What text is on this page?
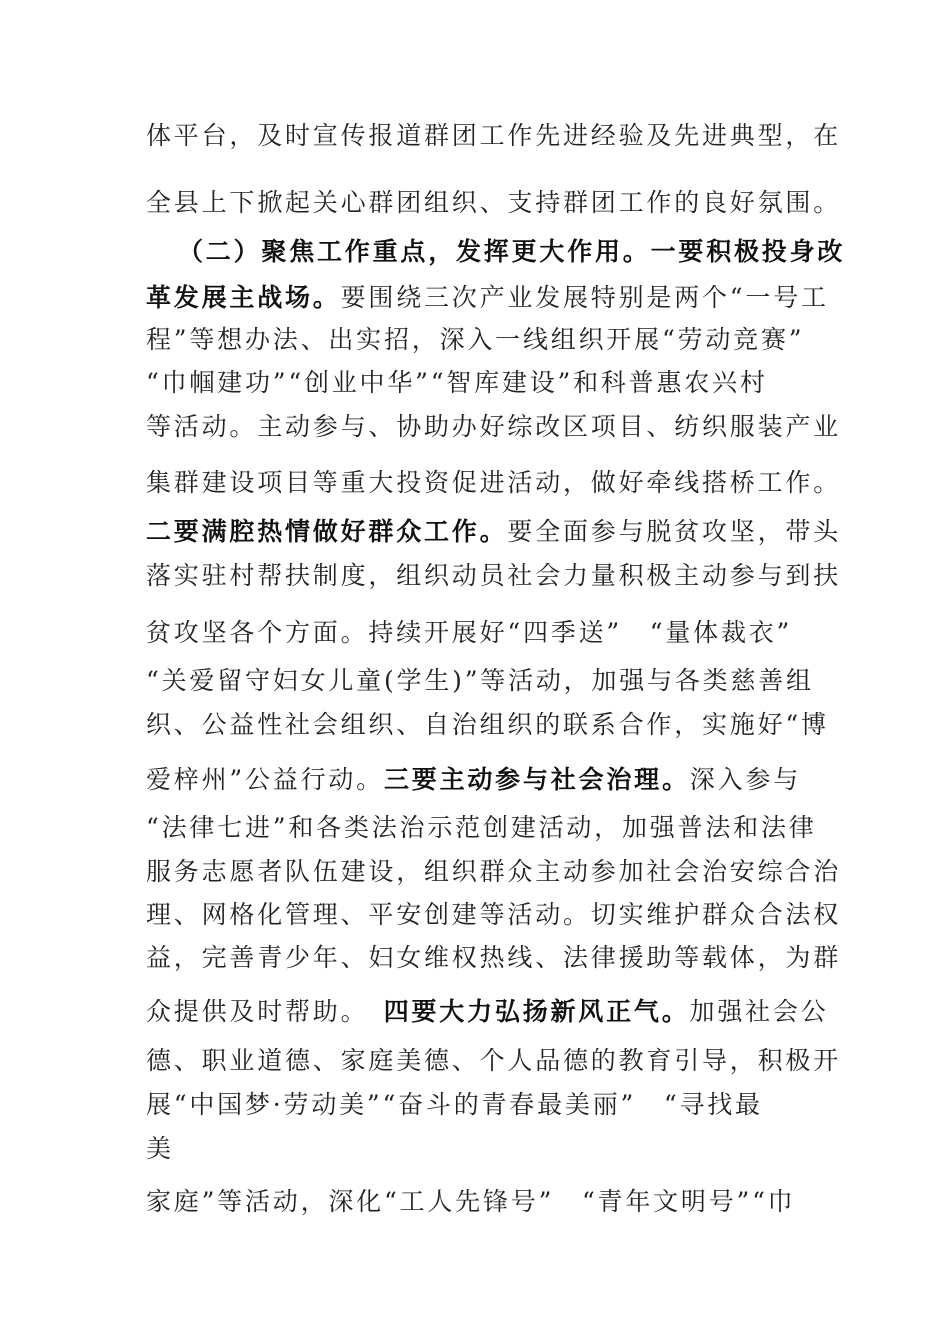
体平台，及时宣传报道群团工作先进经验及先进典型，在
全县上下掀起关心群团组织、支持群团工作的良好氛围。
（二）聚焦工作重点，发挥更大作用。一要积极投身改
革发展主战场。要围绕三次产业发展特别是两个“一号工
程”等想办法、出实招，深入一线组织开展“劳动竞赛”
“巾帼建功”“创业中华”“智库建设”和科普惠农兴村
等活动。主动参与、协助办好综改区项目、纺织服装产业
集群建设项目等重大投资促进活动，做好牵线搭桥工作。
二要满腔热情做好群众工作。要全面参与脱贫攻坚，带头
落实驻村帮扶制度，组织动员社会力量积极主动参与到扶
贫攻坚各个方面。持续开展好“四季送”　“量体裁衣”
“关爱留守妇女儿童(学生)”等活动，加强与各类慈善组
织、公益性社会组织、自治组织的联系合作，实施好“博
爱梓州”公益行动。三要主动参与社会治理。深入参与
“法律七进”和各类法治示范创建活动，加强普法和法律
服务志愿者队伍建设，组织群众主动参加社会治安综合治
理、网格化管理、平安创建等活动。切实维护群众合法权
益，完善青少年、妇女维权热线、法律援助等载体，为群
众提供及时帮助。　四要大力弘扬新风正气。加强社会公
德、职业道德、家庭美德、个人品德的教育引导，积极开
展“中国梦·劳动美”“奋斗的青春最美丽”　“寻找最
美
家庭”等活动，深化“工人先锋号”　“青年文明号”“巾
